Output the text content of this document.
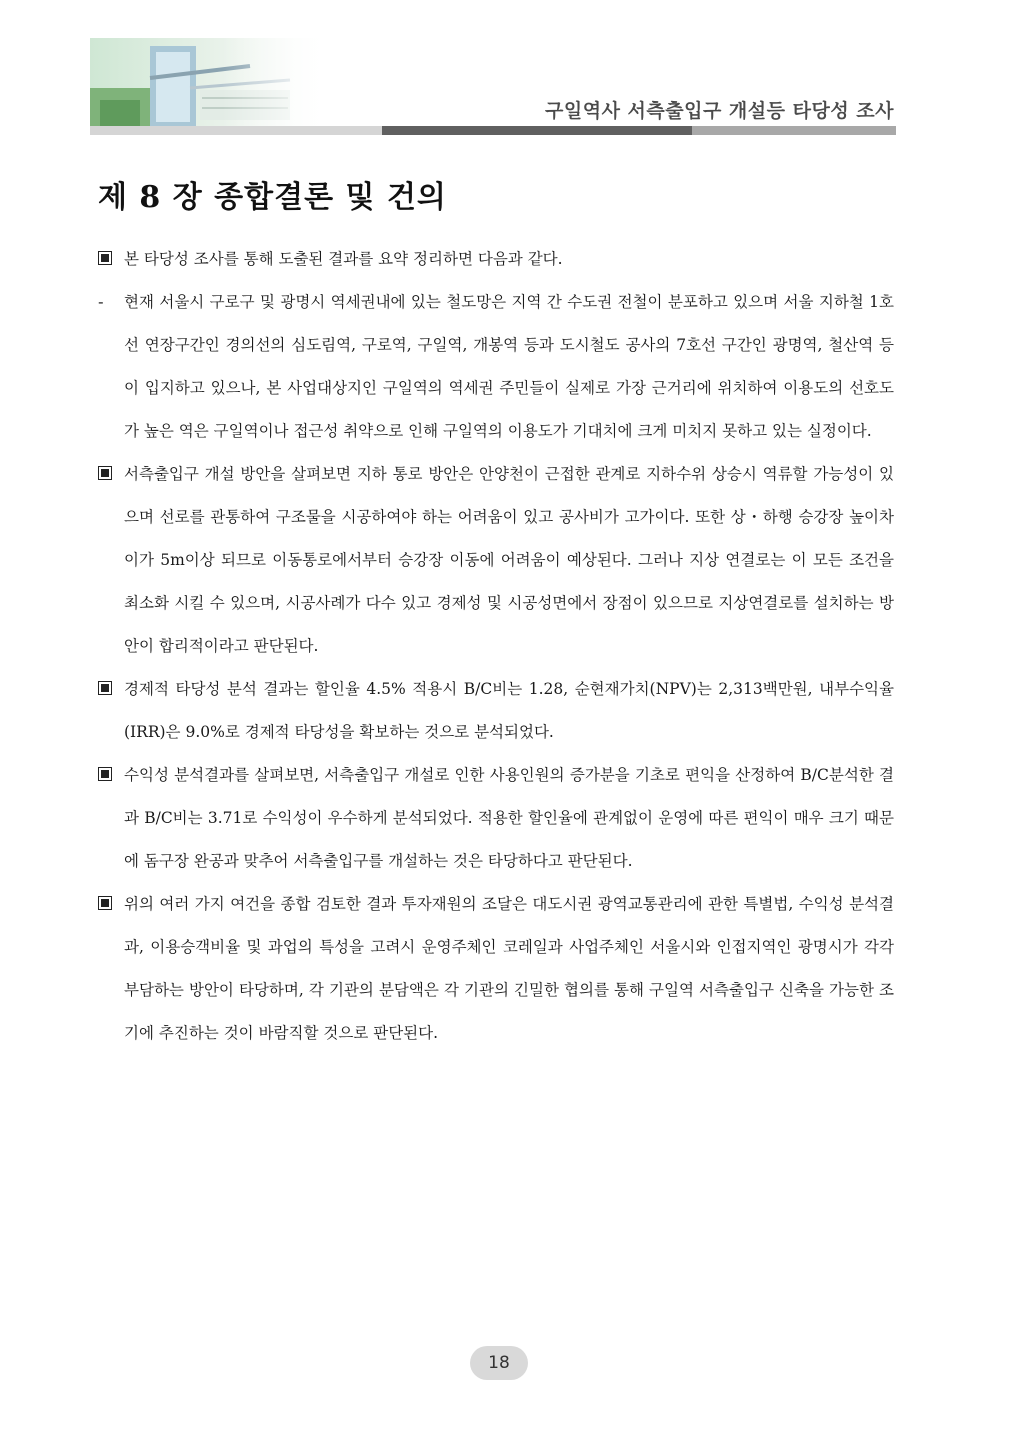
구일역사 서측출입구 개설등 타당성 조사
제 8 장 종합결론 및 건의
본 타당성 조사를 통해 도출된 결과를 요약 정리하면 다음과 같다.
-	현재 서울시 구로구 및 광명시 역세권내에 있는 철도망은 지역 간 수도권 전철이 분포하고 있으며 서울 지하철 1호선 연장구간인 경의선의 심도림역, 구로역, 구일역, 개봉역 등과 도시철도 공사의 7호선 구간인 광명역, 철산역 등이 입지하고 있으나, 본 사업대상지인 구일역의 역세권 주민들이 실제로 가장 근거리에 위치하여 이용도의 선호도가 높은 역은 구일역이나 접근성 취약으로 인해 구일역의 이용도가 기대치에 크게 미치지 못하고 있는 실정이다.
서측출입구 개설 방안을 살펴보면 지하 통로 방안은 안양천이 근접한 관계로 지하수위 상승시 역류할 가능성이 있으며 선로를 관통하여 구조물을 시공하여야 하는 어려움이 있고 공사비가 고가이다. 또한 상・하행 승강장 높이차이가 5m이상 되므로 이동통로에서부터 승강장 이동에 어려움이 예상된다. 그러나 지상 연결로는 이 모든 조건을 최소화 시킬 수 있으며, 시공사례가 다수 있고 경제성 및 시공성면에서 장점이 있으므로 지상연결로를 설치하는 방안이 합리적이라고 판단된다.
경제적 타당성 분석 결과는 할인율 4.5% 적용시 B/C비는 1.28, 순현재가치(NPV)는 2,313백만원, 내부수익율(IRR)은 9.0%로 경제적 타당성을 확보하는 것으로 분석되었다.
수익성 분석결과를 살펴보면, 서측출입구 개설로 인한 사용인원의 증가분을 기초로 편익을 산정하여 B/C분석한 결과 B/C비는 3.71로 수익성이 우수하게 분석되었다. 적용한 할인율에 관계없이 운영에 따른 편익이 매우 크기 때문에 돔구장 완공과 맞추어 서측출입구를 개설하는 것은 타당하다고 판단된다.
위의 여러 가지 여건을 종합 검토한 결과 투자재원의 조달은 대도시권 광역교통관리에 관한 특별법, 수익성 분석결과, 이용승객비율 및 과업의 특성을 고려시 운영주체인 코레일과 사업주체인 서울시와 인접지역인 광명시가 각각 부담하는 방안이 타당하며, 각 기관의 분담액은 각 기관의 긴밀한 협의를 통해 구일역 서측출입구 신축을 가능한 조기에 추진하는 것이 바람직할 것으로 판단된다.
18
